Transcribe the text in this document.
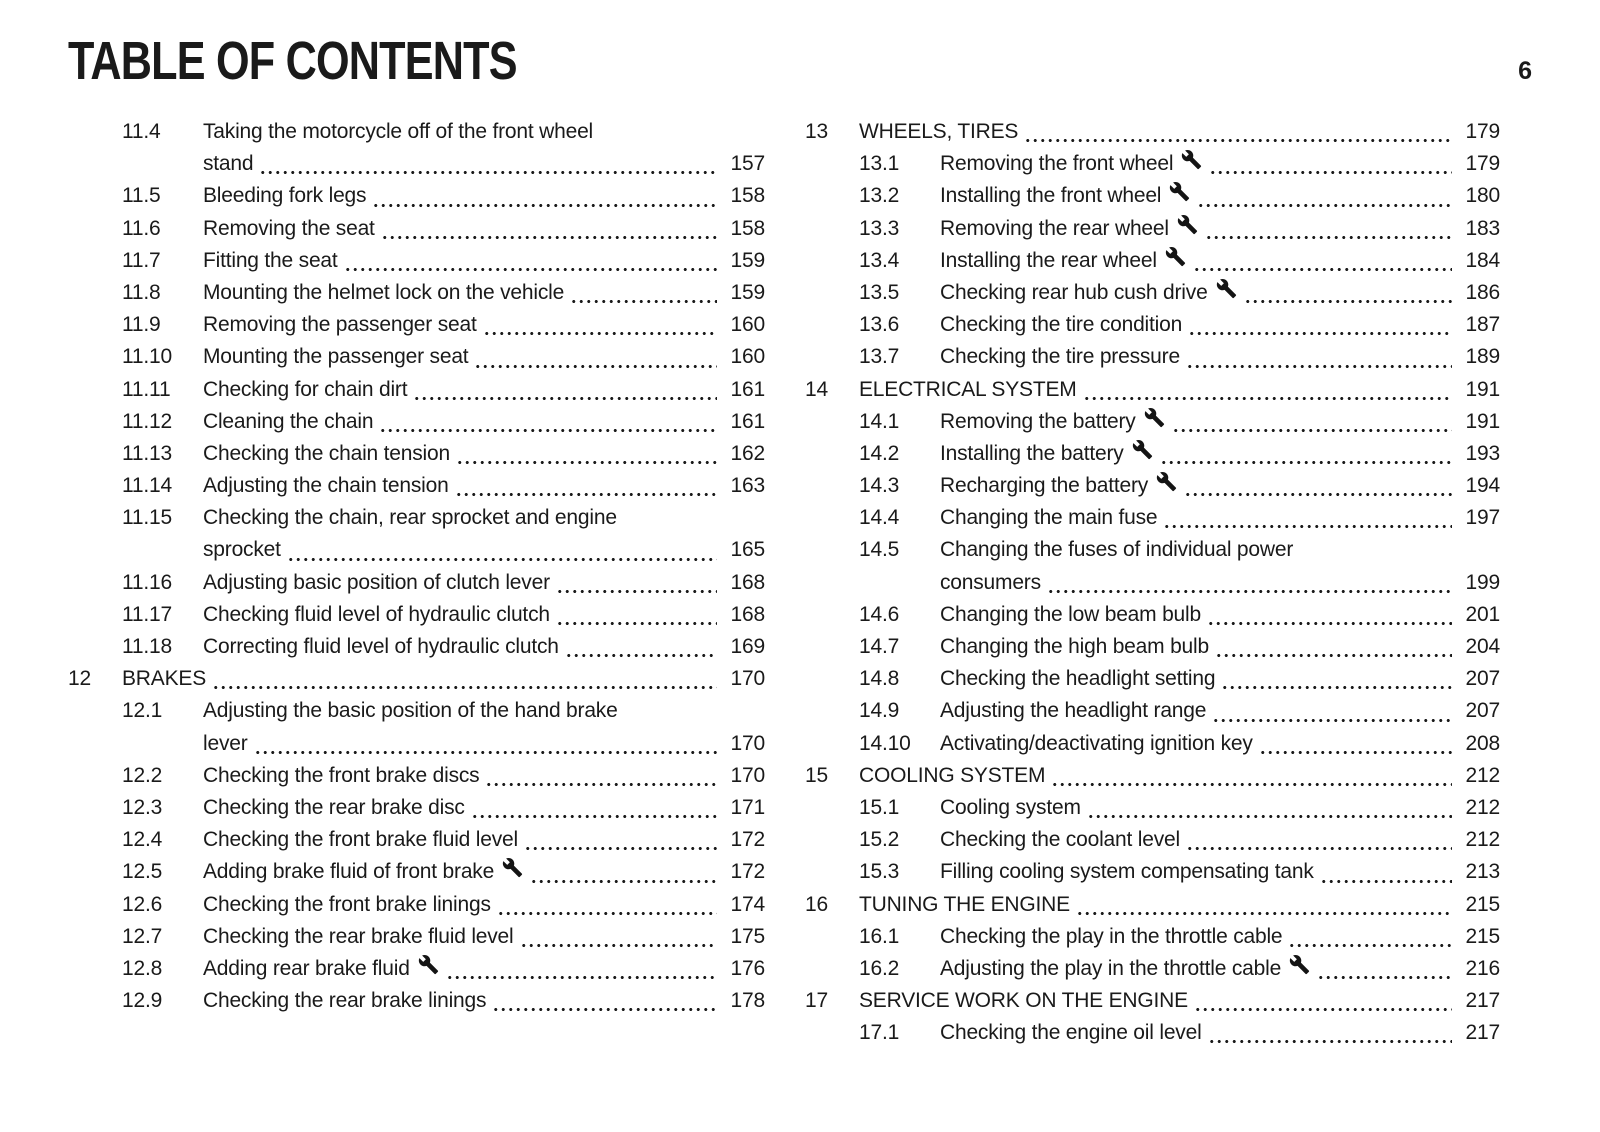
TABLE OF CONTENTS	6
11.4	Taking the motorcycle off of the front wheel
stand	157
11.5	Bleeding fork legs	158
11.6	Removing the seat	158
11.7	Fitting the seat	159
11.8	Mounting the helmet lock on the vehicle	159
11.9	Removing the passenger seat	160
11.10	Mounting the passenger seat	160
11.11	Checking for chain dirt	161
11.12	Cleaning the chain	161
11.13	Checking the chain tension	162
11.14	Adjusting the chain tension	163
11.15	Checking the chain, rear sprocket and engine
sprocket	165
11.16	Adjusting basic position of clutch lever	168
11.17	Checking fluid level of hydraulic clutch	168
11.18	Correcting fluid level of hydraulic clutch	169
12	BRAKES	170
12.1	Adjusting the basic position of the hand brake
lever	170
12.2	Checking the front brake discs	170
12.3	Checking the rear brake disc	171
12.4	Checking the front brake fluid level	172
12.5	Adding brake fluid of front brake	172
12.6	Checking the front brake linings	174
12.7	Checking the rear brake fluid level	175
12.8	Adding rear brake fluid	176
12.9	Checking the rear brake linings	178
13	WHEELS, TIRES	179
13.1	Removing the front wheel	179
13.2	Installing the front wheel	180
13.3	Removing the rear wheel	183
13.4	Installing the rear wheel	184
13.5	Checking rear hub cush drive	186
13.6	Checking the tire condition	187
13.7	Checking the tire pressure	189
14	ELECTRICAL SYSTEM	191
14.1	Removing the battery	191
14.2	Installing the battery	193
14.3	Recharging the battery	194
14.4	Changing the main fuse	197
14.5	Changing the fuses of individual power
consumers	199
14.6	Changing the low beam bulb	201
14.7	Changing the high beam bulb	204
14.8	Checking the headlight setting	207
14.9	Adjusting the headlight range	207
14.10	Activating/deactivating ignition key	208
15	COOLING SYSTEM	212
15.1	Cooling system	212
15.2	Checking the coolant level	212
15.3	Filling cooling system compensating tank	213
16	TUNING THE ENGINE	215
16.1	Checking the play in the throttle cable	215
16.2	Adjusting the play in the throttle cable	216
17	SERVICE WORK ON THE ENGINE	217
17.1	Checking the engine oil level	217
